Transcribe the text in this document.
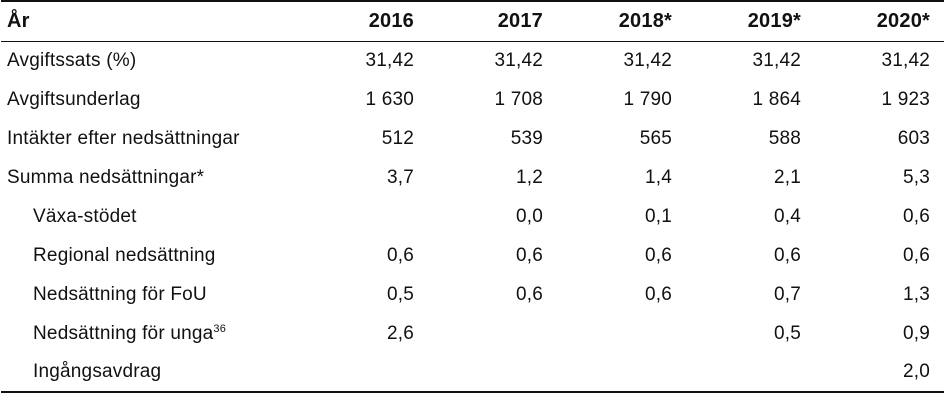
År	2016	2017	2018*	2019*	2020*
Avgiftssats (%)	31,42	31,42	31,42	31,42	31,42
Avgiftsunderlag	1 630	1 708	1 790	1 864	1 923
Intäkter efter nedsättningar	512	539	565	588	603
Summa nedsättningar*	3,7	1,2	1,4	2,1	5,3
Växa-stödet		0,0	0,1	0,4	0,6
Regional nedsättning	0,6	0,6	0,6	0,6	0,6
Nedsättning för FoU	0,5	0,6	0,6	0,7	1,3
Nedsättning för unga$^{36}$	2,6			0,5	0,9
Ingångsavdrag					2,0
